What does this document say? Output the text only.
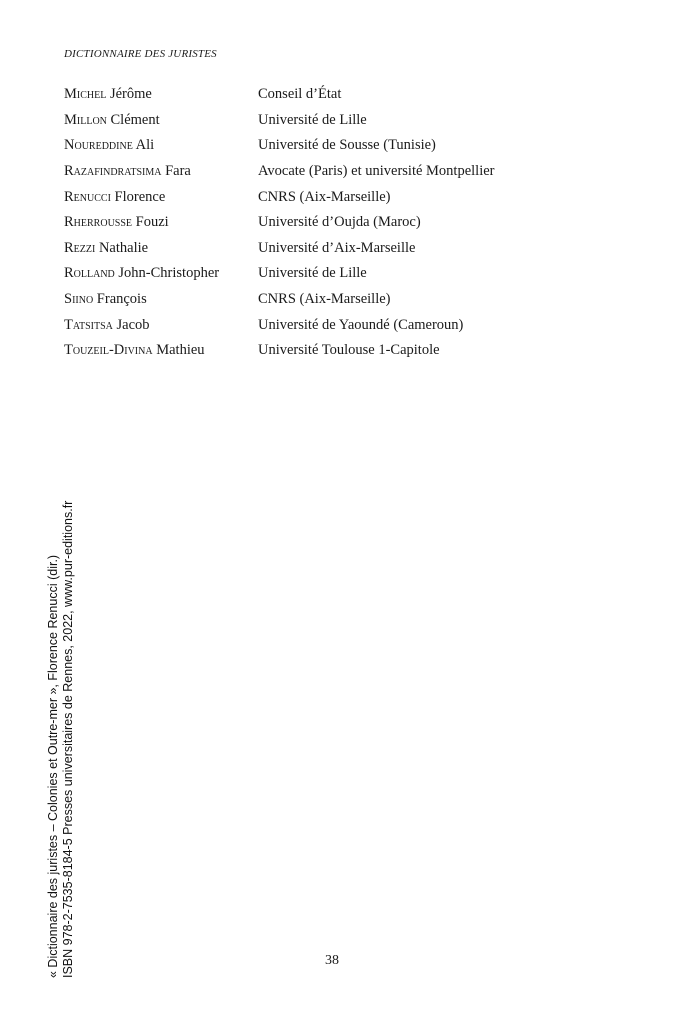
DICTIONNAIRE DES JURISTES
Michel Jérôme	Conseil d’État
Millon Clément	Université de Lille
Noureddine Ali	Université de Sousse (Tunisie)
Razafindratsima Fara	Avocate (Paris) et université Montpellier
Renucci Florence	CNRS (Aix-Marseille)
Rherrousse Fouzi	Université d’Oujda (Maroc)
Rezzi Nathalie	Université d’Aix-Marseille
Rolland John-Christopher	Université de Lille
Siino François	CNRS (Aix-Marseille)
Tatsitsa Jacob	Université de Yaoundé (Cameroun)
Touzeil-Divina Mathieu	Université Toulouse 1-Capitole
« Dictionnaire des juristes – Colonies et Outre-mer », Florence Renucci (dir.) ISBN 978-2-7535-8184-5 Presses universitaires de Rennes, 2022, www.pur-editions.fr	38
